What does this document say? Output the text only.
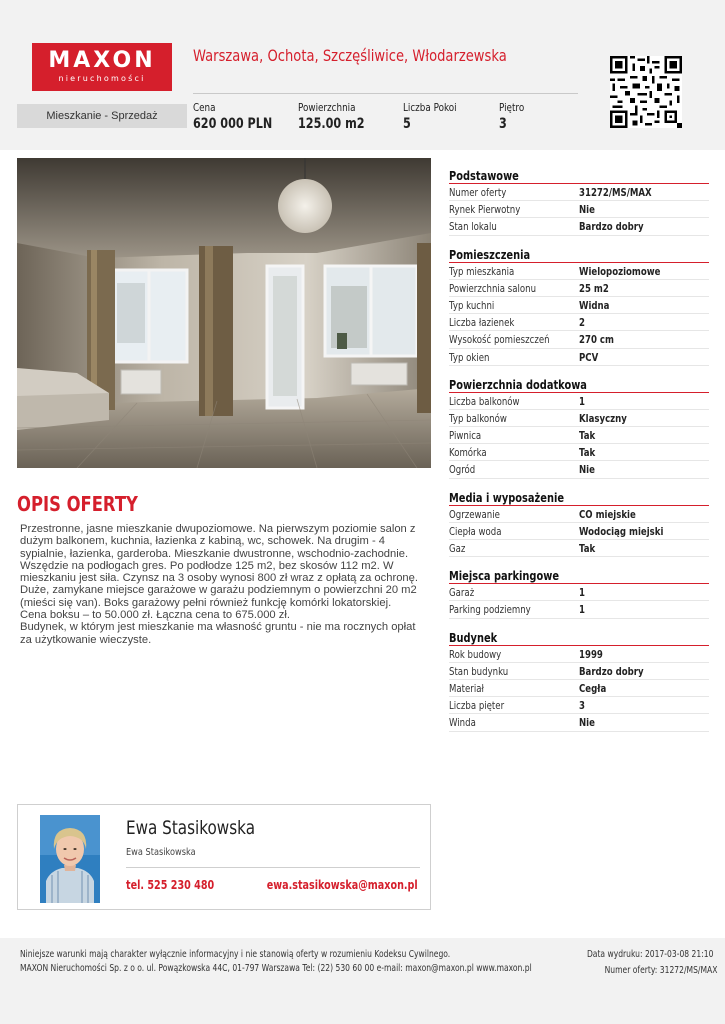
MAXON
nieruchomości
Warszawa, Ochota, Szczęśliwice, Włodarzewska
Mieszkanie - Sprzedaż
Cena
620 000 PLN
Powierzchnia
125.00 m2
Liczba Pokoi
5
Piętro
3
OPIS OFERTY

Przestronne, jasne mieszkanie dwupoziomowe. Na pierwszym poziomie salon z dużym balkonem, kuchnia, łazienka z kabiną, wc, schowek. Na drugim - 4 sypialnie, łazienka, garderoba. Mieszkanie dwustronne, wschodnio-zachodnie. Wszędzie na podłogach gres. Po podłodze 125 m2, bez skosów 112 m2. W mieszkaniu jest siła. Czynsz na 3 osoby wynosi 800 zł wraz z opłatą za ochronę.

Duże, zamykane miejsce garażowe w garażu podziemnym o powierzchni 20 m2 (mieści się van). Boks garażowy pełni również funkcję komórki lokatorskiej. Cena boksu – to 50.000 zł. Łączna cena to 675.000 zł.

Budynek, w którym jest mieszkanie ma własność gruntu - nie ma rocznych opłat za użytkowanie wieczyste.

Podstawowe
Numer oferty	31272/MS/MAX
Rynek Pierwotny	Nie
Stan lokalu	Bardzo dobry
Pomieszczenia
Typ mieszkania	Wielopoziomowe
Powierzchnia salonu	25 m2
Typ kuchni	Widna
Liczba łazienek	2
Wysokość pomieszczeń	270 cm
Typ okien	PCV
Powierzchnia dodatkowa
Liczba balkonów	1
Typ balkonów	Klasyczny
Piwnica	Tak
Komórka	Tak
Ogród	Nie
Media i wyposażenie
Ogrzewanie	CO miejskie
Ciepła woda	Wodociąg miejski
Gaz	Tak
Miejsca parkingowe
Garaż	1
Parking podziemny	1
Budynek
Rok budowy	1999
Stan budynku	Bardzo dobry
Materiał	Cegła
Liczba pięter	3
Winda	Nie
Ewa Stasikowska
Ewa Stasikowska
tel. 525 230 480	ewa.stasikowska@maxon.pl
Niniejsze warunki mają charakter wyłącznie informacyjny i nie stanowią oferty w rozumieniu Kodeksu Cywilnego.
MAXON Nieruchomości Sp. z o o. ul. Powązkowska 44C, 01-797 Warszawa Tel: (22) 530 60 00 e-mail: maxon@maxon.pl www.maxon.pl
Data wydruku: 2017-03-08 21:10
Numer oferty: 31272/MS/MAX
